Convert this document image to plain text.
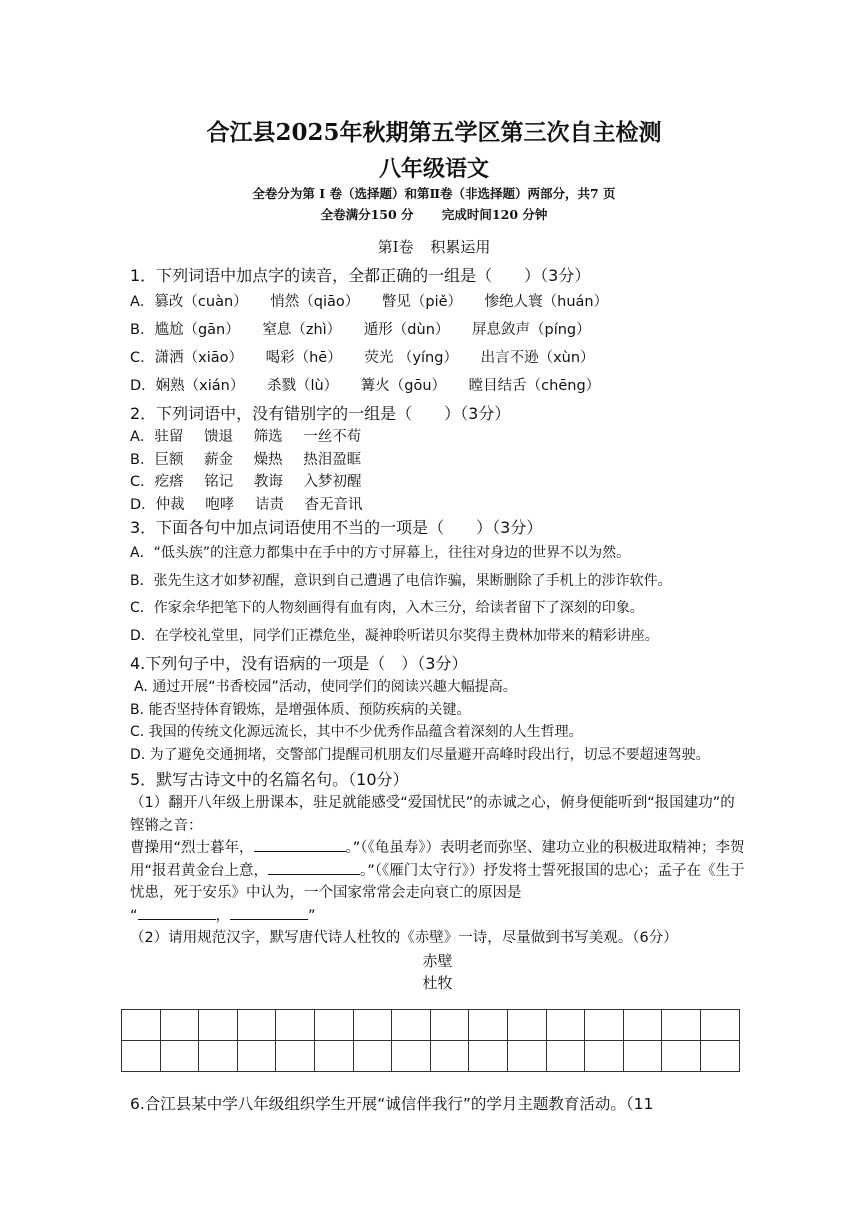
合江县2025年秋期第五学区第三次自主检测
八年级语文
全卷分为第 Ⅰ 卷（选择题）和第Ⅱ卷（非选择题）两部分，共7 页
全卷满分150 分 完成时间120 分钟
第Ⅰ卷 积累运用
1．下列词语中加点字的读音，全都正确的一组是（　　）（3分）
A．篡改（cuàn） 悄然（qiāo） 瞥见（piě） 惨绝人寰（huán）
B．尴尬（gān） 窒息（zhì） 遁形（dùn） 屏息敛声（píng）
C．潇洒（xiāo） 喝彩（hē） 荧光 （yíng） 出言不逊（xùn）
D．娴熟（xián） 杀戮（lù） 篝火（gōu） 瞠目结舌（chēng）
2．下列词语中，没有错别字的一组是（　　）（3分）
A．驻留 馈退 筛选 一丝不苟
B．巨额 薪金 燥热 热泪盈眶
C．疙瘩 铭记 教诲 入梦初醒
D．仲裁 咆哮 诘责 杳无音讯
3．下面各句中加点词语使用不当的一项是（　　）（3分）
A．“低头族”的注意力都集中在手中的方寸屏幕上，往往对身边的世界不以为然。
B．张先生这才如梦初醒，意识到自己遭遇了电信诈骗，果断删除了手机上的涉诈软件。
C．作家余华把笔下的人物刻画得有血有肉，入木三分，给读者留下了深刻的印象。
D．在学校礼堂里，同学们正襟危坐，凝神聆听诺贝尔奖得主费林加带来的精彩讲座。
4.下列句子中，没有语病的一项是（　）（3分）
A. 通过开展“书香校园”活动，使同学们的阅读兴趣大幅提高。
B. 能否坚持体育锻炼，是增强体质、预防疾病的关键。
C. 我国的传统文化源远流长，其中不少优秀作品蕴含着深刻的人生哲理。
D. 为了避免交通拥堵，交警部门提醒司机朋友们尽量避开高峰时段出行，切忌不要超速驾驶。
5．默写古诗文中的名篇名句。（10分）
（1）翻开八年级上册课本，驻足就能感受“爱国忧民”的赤诚之心，俯身便能听到“报国建功”的铿锵之音：
曹操用“烈士暮年，	。”（《龟虽寿》）表明老而弥坚、建功立业的积极进取精神；李贺用“报君黄金台上意，	。”（《雁门太守行》）抒发将士誓死报国的忠心；孟子在《生于忧患，死于安乐》中认为，一个国家常常会走向衰亡的原因是
“	，	”
（2）请用规范汉字，默写唐代诗人杜牧的《赤壁》一诗，尽量做到书写美观。（6分）
赤壁
杜牧

6.合江县某中学八年级组织学生开展“诚信伴我行”的学月主题教育活动。（11
